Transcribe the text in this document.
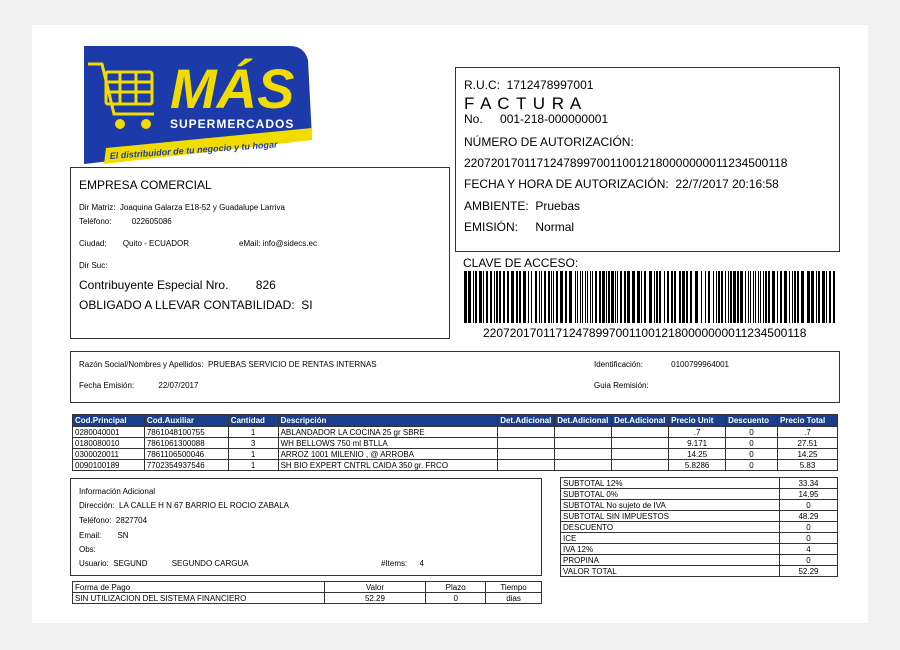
MÁS
SUPERMERCADOS
El distribuidor de tu negocio y tu hogar
EMPRESA COMERCIAL
Dir Matriz: Joaquina Galarza E18-52 y Guadalupe Larriva
Teléfono:	022605086
Ciudad: Quito - ECUADOR	eMail: info@sidecs.ec
Dir Suc:
Contribuyente Especial Nro. 826
OBLIGADO A LLEVAR CONTABILIDAD: SI
R.U.C: 1712478997001
F A C T U R A
No. 001-218-000000001
NÚMERO DE AUTORIZACIÓN:
2207201701171247899700110012180000000011234500118
FECHA Y HORA DE AUTORIZACIÓN: 22/7/2017 20:16:58
AMBIENTE: Pruebas
EMISIÓN: Normal
CLAVE DE ACCESO:
2207201701171247899700110012180000000011234500118
Razón Social/Nombres y Apellidos: PRUEBAS SERVICIO DE RENTAS INTERNAS	Identificación:	0100799964001
Fecha Emisión:	22/07/2017	Guia Remisión:
Cod.Principal	Cod.Auxiliar	Cantidad	Descripción	Det.Adicional	Det.Adicional	Det.Adicional	Precio Unit	Descuento	Precio Total
0280040001	7861048100755	1	ABLANDADOR LA COCINA 25 gr SBRE				.7	0	.7
0180080010	7861061300088	3	WH BELLOWS 750 ml BTLLA				9.171	0	27.51
0300020011	7861106500046	1	ARROZ 1001 MILENIO , @ ARROBA				14.25	0	14.25
0090100189	7702354937546	1	SH BIO EXPERT CNTRL CAIDA 350 gr. FRCO				5.8286	0	5.83
Información Adicional
Dirección: LA CALLE H N 67 BARRIO EL ROCIO ZABALA
Teléfono: 2827704
Email: SN
Obs:
Usuario: SEGUND	SEGUNDO CARGUA	#Items: 4
SUBTOTAL 12%	33.34
SUBTOTAL 0%	14.95
SUBTOTAL No sujeto de IVA	0
SUBTOTAL SIN IMPUESTOS	48.29
DESCUENTO	0
ICE	0
IVA 12%	4
PROPINA	0
VALOR TOTAL	52.29
Forma de Pago	Valor	Plazo	Tiempo
SIN UTILIZACION DEL SISTEMA FINANCIERO	52.29	0	dias
